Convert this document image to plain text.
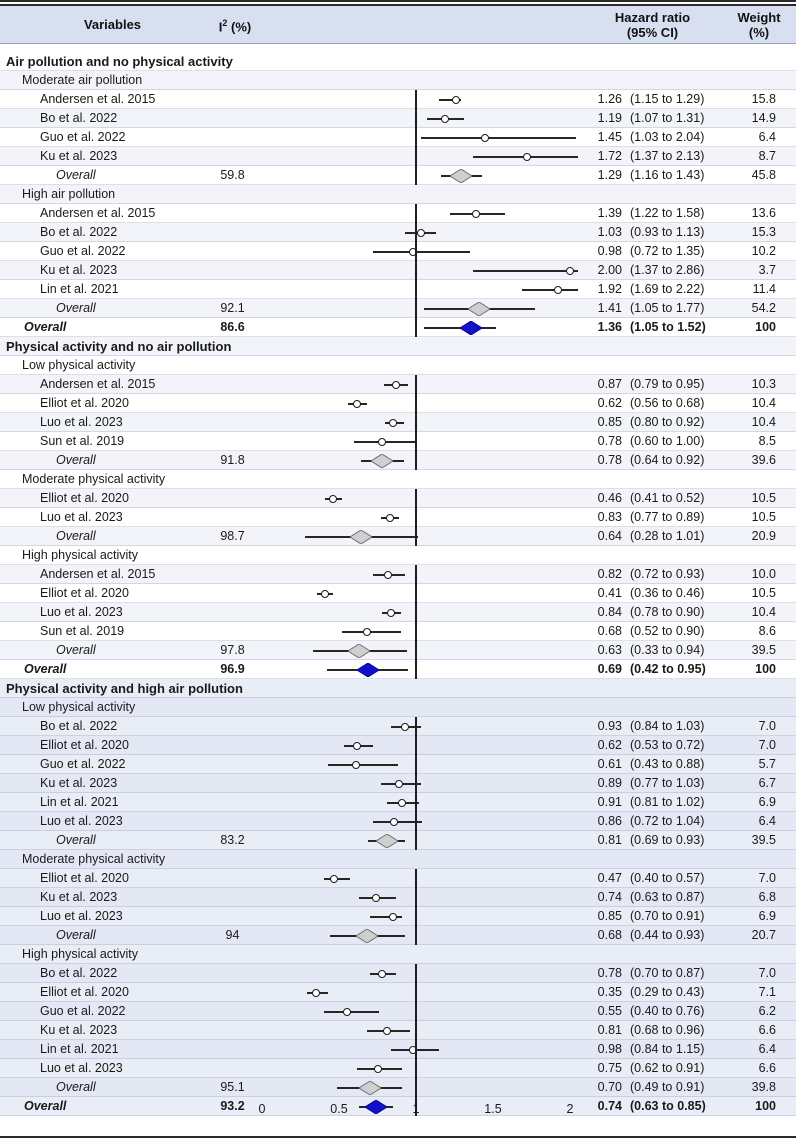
Variables	$I^2$ (%)
Hazard ratio
(95% CI)
Weight
(%)
Air pollution and no physical activity
Moderate air pollution
Andersen et al. 2015	1.26 (1.15 to 1.29)	15.8
Bo et al. 2022	1.19 (1.07 to 1.31)	14.9
Guo et al. 2022	1.45 (1.03 to 2.04)	6.4
Ku et al. 2023	1.72 (1.37 to 2.13)	8.7
Overall	59.8	1.29 (1.16 to 1.43)	45.8
High air pollution
Andersen et al. 2015	1.39 (1.22 to 1.58)	13.6
Bo et al. 2022	1.03 (0.93 to 1.13)	15.3
Guo et al. 2022	0.98 (0.72 to 1.35)	10.2
Ku et al. 2023	2.00 (1.37 to 2.86)	3.7
Lin et al. 2021	1.92 (1.69 to 2.22)	11.4
Overall	92.1	1.41 (1.05 to 1.77)	54.2
Overall	86.6	1.36 (1.05 to 1.52)	100
Physical activity and no air pollution
Low physical activity
Andersen et al. 2015	0.87 (0.79 to 0.95)	10.3
Elliot et al. 2020	0.62 (0.56 to 0.68)	10.4
Luo et al. 2023	0.85 (0.80 to 0.92)	10.4
Sun et al. 2019	0.78 (0.60 to 1.00)	8.5
Overall	91.8	0.78 (0.64 to 0.92)	39.6
Moderate physical activity
Elliot et al. 2020	0.46 (0.41 to 0.52)	10.5
Luo et al. 2023	0.83 (0.77 to 0.89)	10.5
Overall	98.7	0.64 (0.28 to 1.01)	20.9
High physical activity
Andersen et al. 2015	0.82 (0.72 to 0.93)	10.0
Elliot et al. 2020	0.41 (0.36 to 0.46)	10.5
Luo et al. 2023	0.84 (0.78 to 0.90)	10.4
Sun et al. 2019	0.68 (0.52 to 0.90)	8.6
Overall	97.8	0.63 (0.33 to 0.94)	39.5
Overall	96.9	0.69 (0.42 to 0.95)	100
Physical activity and high air pollution
Low physical activity
Bo et al. 2022	0.93 (0.84 to 1.03)	7.0
Elliot et al. 2020	0.62 (0.53 to 0.72)	7.0
Guo et al. 2022	0.61 (0.43 to 0.88)	5.7
Ku et al. 2023	0.89 (0.77 to 1.03)	6.7
Lin et al. 2021	0.91 (0.81 to 1.02)	6.9
Luo et al. 2023	0.86 (0.72 to 1.04)	6.4
Overall	83.2	0.81 (0.69 to 0.93)	39.5
Moderate physical activity
Elliot et al. 2020	0.47 (0.40 to 0.57)	7.0
Ku et al. 2023	0.74 (0.63 to 0.87)	6.8
Luo et al. 2023	0.85 (0.70 to 0.91)	6.9
Overall	94	0.68 (0.44 to 0.93)	20.7
High physical activity
Bo et al. 2022	0.78 (0.70 to 0.87)	7.0
Elliot et al. 2020	0.35 (0.29 to 0.43)	7.1
Guo et al. 2022	0.55 (0.40 to 0.76)	6.2
Ku et al. 2023	0.81 (0.68 to 0.96)	6.6
Lin et al. 2021	0.98 (0.84 to 1.15)	6.4
Luo et al. 2023	0.75 (0.62 to 0.91)	6.6
Overall	95.1	0.70 (0.49 to 0.91)	39.8
Overall	93.2	0.74 (0.63 to 0.85)	100
0	0.5	1	1.5	2
